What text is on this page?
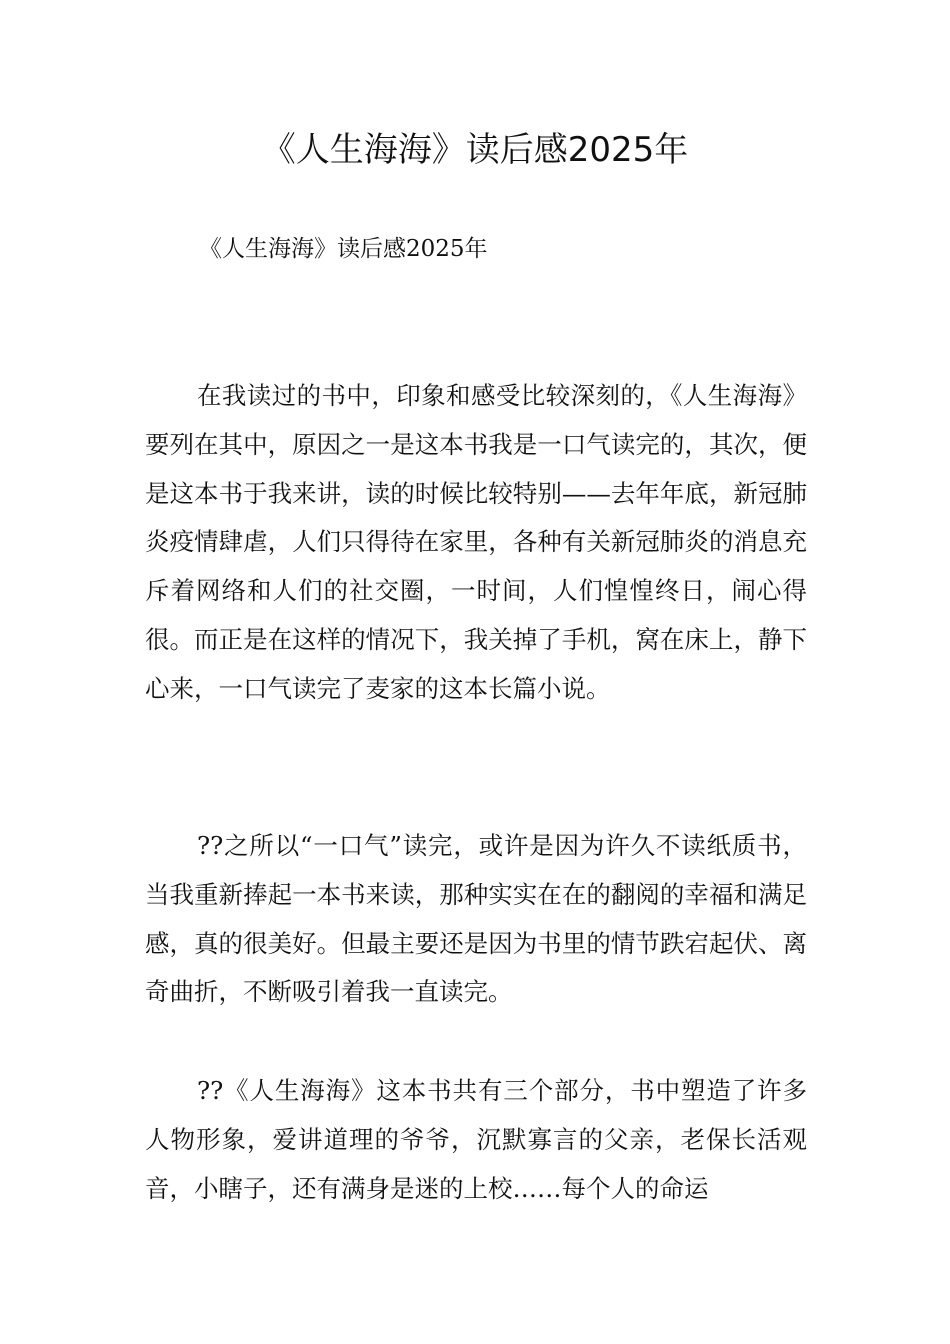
《人生海海》读后感2025年
《人生海海》读后感2025年

在我读过的书中，印象和感受比较深刻的，《人生海海》要列在其中，原因之一是这本书我是一口气读完的，其次，便是这本书于我来讲，读的时候比较特别——去年年底，新冠肺炎疫情肆虐，人们只得待在家里，各种有关新冠肺炎的消息充斥着网络和人们的社交圈，一时间，人们惶惶终日，闹心得很。而正是在这样的情况下，我关掉了手机，窝在床上，静下心来，一口气读完了麦家的这本长篇小说。

??之所以“一口气”读完，或许是因为许久不读纸质书，当我重新捧起一本书来读，那种实实在在的翻阅的幸福和满足感，真的很美好。但最主要还是因为书里的情节跌宕起伏、离奇曲折，不断吸引着我一直读完。

??《人生海海》这本书共有三个部分，书中塑造了许多人物形象，爱讲道理的爷爷，沉默寡言的父亲，老保长活观音，小瞎子，还有满身是迷的上校……每个人的命运
